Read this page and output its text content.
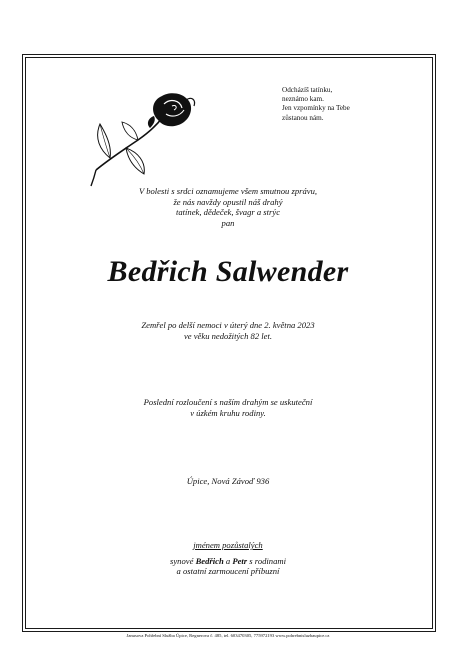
Odcházíš tatínku,
neznámo kam.
Jen vzpomínky na Tebe
zůstanou nám.
V bolesti s srdci oznamujeme všem smutnou zprávu,
že nás navždy opustil náš drahý
tatínek, dědeček, švagr a strýc
pan
Bedřich Salwender
Zemřel po delší nemoci v úterý dne 2. května 2023
ve věku nedožitých 82 let.
Poslední rozloučení s naším drahým se uskuteční
v úzkém kruhu rodiny.
Úpice, Nová Závoď 936
jménem pozůstalých
synové Bedřich a Petr s rodinami
a ostatní zarmoucení příbuzní
Janusova Pohřební Služba Úpice, Regnerova č. 485, tel. 603470305, 775972193 www.pohrebnisluzbaupice.cz
